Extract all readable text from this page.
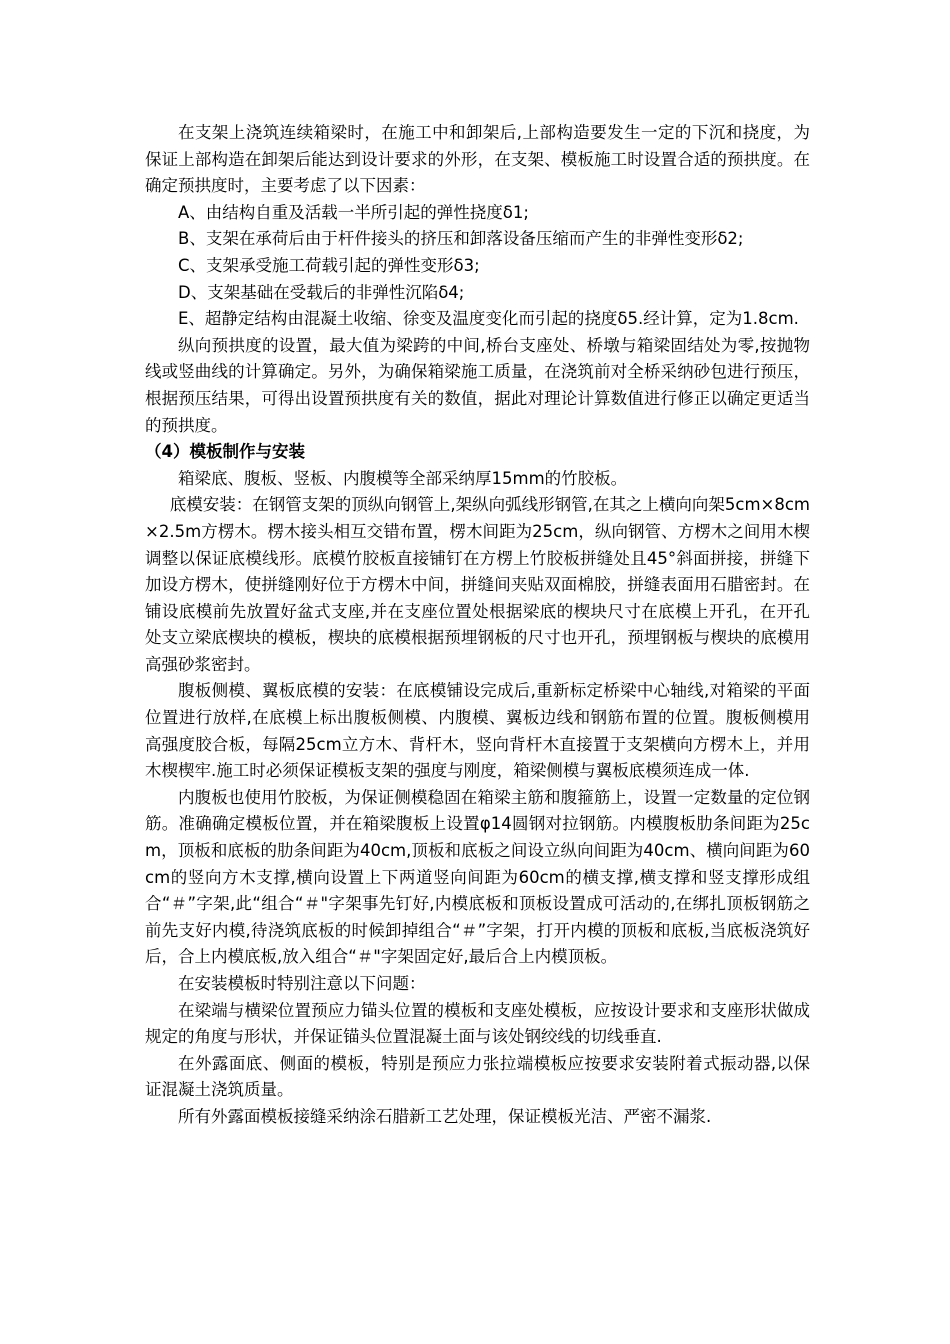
在支架上浇筑连续箱梁时，在施工中和卸架后,上部构造要发生一定的下沉和挠度，为保证上部构造在卸架后能达到设计要求的外形，在支架、模板施工时设置合适的预拱度。在确定预拱度时，主要考虑了以下因素：

A、由结构自重及活载一半所引起的弹性挠度δ1;

B、支架在承荷后由于杆件接头的挤压和卸落设备压缩而产生的非弹性变形δ2;

C、支架承受施工荷载引起的弹性变形δ3;

D、支架基础在受载后的非弹性沉陷δ4;

E、超静定结构由混凝土收缩、徐变及温度变化而引起的挠度δ5.经计算，定为1.8cm.

纵向预拱度的设置，最大值为梁跨的中间,桥台支座处、桥墩与箱梁固结处为零,按抛物线或竖曲线的计算确定。另外，为确保箱梁施工质量，在浇筑前对全桥采纳砂包进行预压，根据预压结果，可得出设置预拱度有关的数值，据此对理论计算数值进行修正以确定更适当的预拱度。

（4）模板制作与安装

箱梁底、腹板、竖板、内腹模等全部采纳厚15mm的竹胶板。

底模安装：在钢管支架的顶纵向钢管上,架纵向弧线形钢管,在其之上横向向架5cm×8cm×2.5m方楞木。楞木接头相互交错布置，楞木间距为25cm，纵向钢管、方楞木之间用木楔调整以保证底模线形。底模竹胶板直接铺钉在方楞上竹胶板拼缝处且45°斜面拼接，拼缝下加设方楞木，使拼缝刚好位于方楞木中间，拼缝间夹贴双面棉胶，拼缝表面用石腊密封。在铺设底模前先放置好盆式支座,并在支座位置处根据梁底的楔块尺寸在底模上开孔，在开孔处支立梁底楔块的模板，楔块的底模根据预埋钢板的尺寸也开孔，预埋钢板与楔块的底模用高强砂浆密封。

腹板侧模、翼板底模的安装：在底模铺设完成后,重新标定桥梁中心轴线,对箱梁的平面位置进行放样,在底模上标出腹板侧模、内腹模、翼板边线和钢筋布置的位置。腹板侧模用高强度胶合板，每隔25cm立方木、背杆木，竖向背杆木直接置于支架横向方楞木上，并用木楔楔牢.施工时必须保证模板支架的强度与刚度，箱梁侧模与翼板底模须连成一体.

内腹板也使用竹胶板，为保证侧模稳固在箱梁主筋和腹箍筋上，设置一定数量的定位钢筋。准确确定模板位置，并在箱梁腹板上设置φ14圆钢对拉钢筋。内模腹板肋条间距为25cm，顶板和底板的肋条间距为40cm,顶板和底板之间设立纵向间距为40cm、横向间距为60cm的竖向方木支撑,横向设置上下两道竖向间距为60cm的横支撑,横支撑和竖支撑形成组合“＃”字架,此“组合“＃"字架事先钉好,内模底板和顶板设置成可活动的,在绑扎顶板钢筋之前先支好内模,待浇筑底板的时候卸掉组合“＃”字架，打开内模的顶板和底板,当底板浇筑好后，合上内模底板,放入组合“＃"字架固定好,最后合上内模顶板。

在安装模板时特别注意以下问题：

在梁端与横梁位置预应力锚头位置的模板和支座处模板，应按设计要求和支座形状做成规定的角度与形状，并保证锚头位置混凝土面与该处钢绞线的切线垂直.

在外露面底、侧面的模板，特别是预应力张拉端模板应按要求安装附着式振动器,以保证混凝土浇筑质量。

所有外露面模板接缝采纳涂石腊新工艺处理，保证模板光洁、严密不漏浆.
